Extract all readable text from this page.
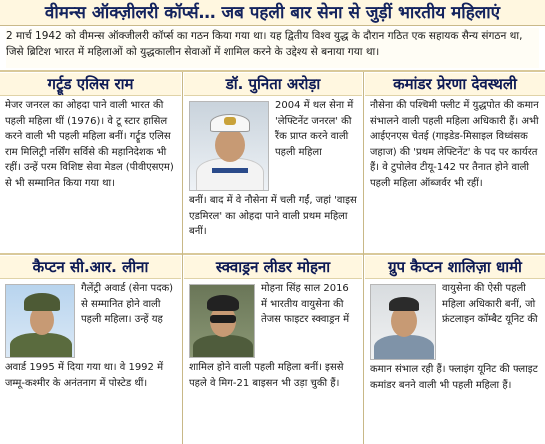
वीमन्स ऑक्ज़ीलरी कॉर्प्स… जब पहली बार सेना से जुड़ीं भारतीय महिलाएं
2 मार्च 1942 को वीमन्स ऑक्जीलरी कॉर्प्स का गठन किया गया था। यह द्वितीय विश्व युद्ध के दौरान गठित एक सहायक सैन्य संगठन था, जिसे ब्रिटिश भारत में महिलाओं को युद्धकालीन सेवाओं में शामिल करने के उद्देश्य से बनाया गया था।
गर्ट्रूड एलिस राम
मेजर जनरल का ओहदा पाने वाली भारत की पहली महिला थीं (1976)। वे टू स्टार हासिल करने वाली भी पहली महिला बनीं। गर्ट्रूड एलिस राम मिलिट्री नर्सिंग सर्विसे की महानिदेशक भी रहीं। उन्हें परम विशिष्ट सेवा मेडल (पीवीएसएम) से भी सम्मानित किया गया था।
डॉ. पुनिता अरोड़ा
2004 में थल सेना में 'लेफ्टिनेंट जनरल' की रैंक प्राप्त करने वाली पहली महिला
बनीं। बाद में वे नौसेना में चली गईं, जहां 'वाइस एडमिरल' का ओहदा पाने वाली प्रथम महिला बनीं।
कमांडर प्रेरणा देवस्थली
नौसेना की पश्चिमी फ्लीट में युद्धपोत की कमान संभालने वाली पहली महिला अधिकारी हैं। अभी आईएनएस चेतई (गाइडेड-मिसाइल विध्वंसक जहाज) की 'प्रथम लेफ्टिनेंट' के पद पर कार्यरत हैं। वे टुपोलेव टीयू-142 पर तैनात होने वाली पहली महिला ऑब्जर्वर भी रहीं।
कैप्टन सी.आर. लीना
गैलेंट्री अवार्ड (सेना पदक) से सम्मानित होने वाली पहली महिला। उन्हें यह
अवार्ड 1995 में दिया गया था। वे 1992 में जम्मू-कश्मीर के अनंतनाग में पोस्टेड थीं।
स्क्वाड्रन लीडर मोहना
मोहना सिंह साल 2016 में भारतीय वायुसेना की तेजस फाइटर स्क्वाड्रन में
शामिल होने वाली पहली महिला बनीं। इससे पहले वे मिग-21 बाइसन भी उड़ा चुकी हैं।
ग्रुप कैप्टन शालिज़ा धामी
वायुसेना की ऐसी पहली महिला अधिकारी बनीं, जो फ्रंटलाइन कॉम्बैट यूनिट की
कमान संभाल रही हैं। फ्लाइंग यूनिट की फ्लाइट कमांडर बनने वाली भी पहली महिला हैं।
